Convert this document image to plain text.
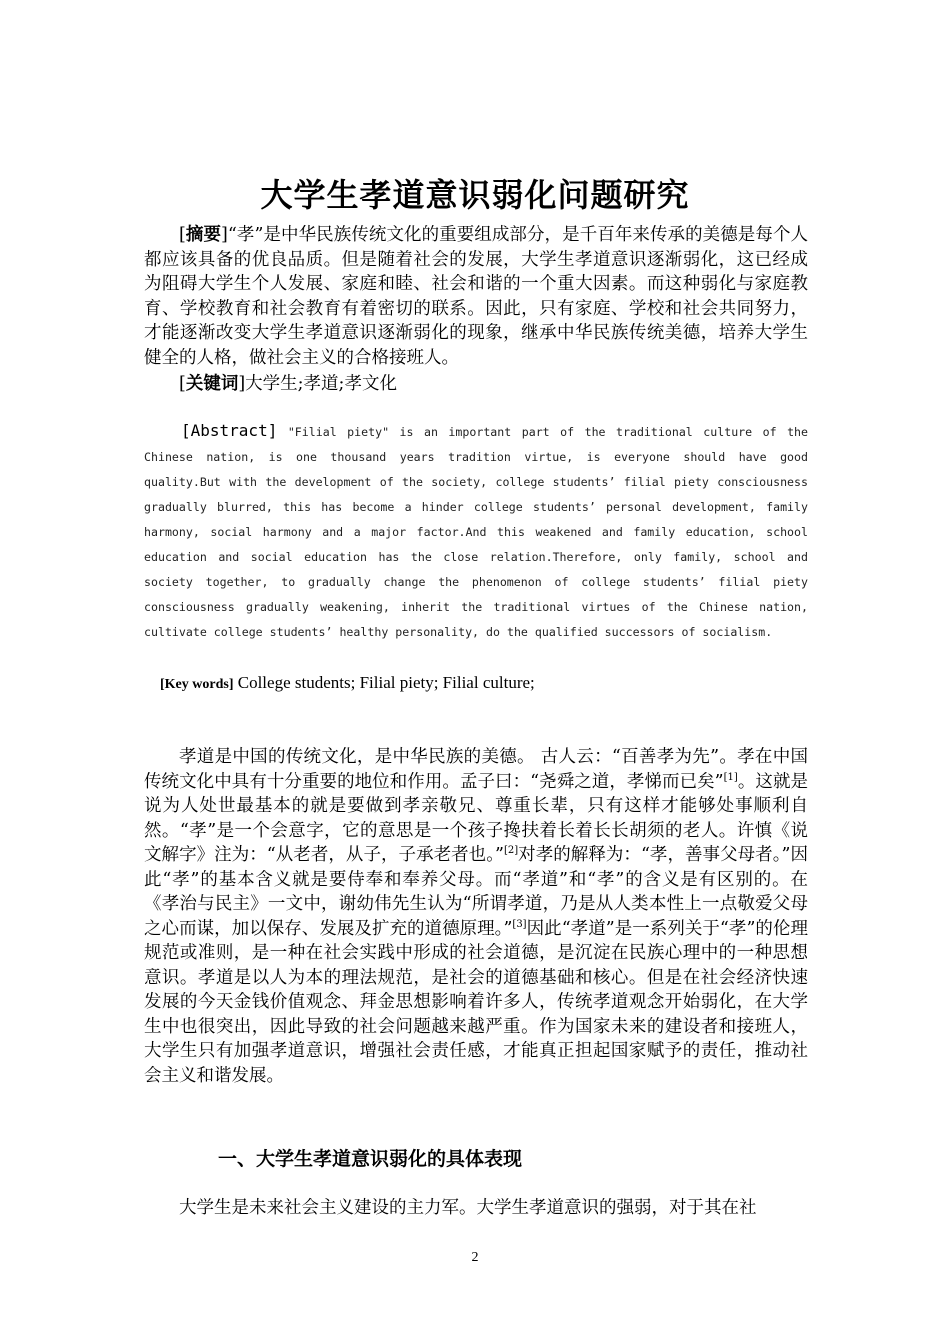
大学生孝道意识弱化问题研究
[摘要]“孝”是中华民族传统文化的重要组成部分，是千百年来传承的美德是每个人都应该具备的优良品质。但是随着社会的发展，大学生孝道意识逐渐弱化，这已经成为阻碍大学生个人发展、家庭和睦、社会和谐的一个重大因素。而这种弱化与家庭教育、学校教育和社会教育有着密切的联系。因此，只有家庭、学校和社会共同努力，才能逐渐改变大学生孝道意识逐渐弱化的现象，继承中华民族传统美德，培养大学生健全的人格，做社会主义的合格接班人。
[关键词]大学生;孝道;孝文化
[Abstract] "Filial piety" is an important part of the traditional culture of the Chinese nation, is one thousand years tradition virtue, is everyone should have good quality.But with the development of the society, college students’ filial piety consciousness gradually blurred, this has become a hinder college students’ personal development, family harmony, social harmony and a major factor.And this weakened and family education, school education and social education has the close relation.Therefore, only family, school and society together, to gradually change the phenomenon of college students’ filial piety consciousness gradually weakening, inherit the traditional virtues of the Chinese nation, cultivate college students’ healthy personality, do the qualified successors of socialism.
[Key words] College students; Filial piety; Filial culture;
孝道是中国的传统文化，是中华民族的美德。 古人云：“百善孝为先”。孝在中国传统文化中具有十分重要的地位和作用。孟子曰：“尧舜之道，孝悌而已矣”[1]。这就是说为人处世最基本的就是要做到孝亲敬兄、尊重长辈，只有这样才能够处事顺利自然。“孝”是一个会意字，它的意思是一个孩子搀扶着长着长长胡须的老人。许慎《说文解字》注为：“从老者，从子，子承老者也。”[2]对孝的解释为：“孝，善事父母者。”因此“孝”的基本含义就是要侍奉和奉养父母。而“孝道”和“孝”的含义是有区别的。在《孝治与民主》一文中，谢幼伟先生认为“所谓孝道，乃是从人类本性上一点敬爱父母之心而谋，加以保存、发展及扩充的道德原理。”[3]因此“孝道”是一系列关于“孝”的伦理规范或准则，是一种在社会实践中形成的社会道德，是沉淀在民族心理中的一种思想意识。孝道是以人为本的理法规范，是社会的道德基础和核心。但是在社会经济快速发展的今天金钱价值观念、拜金思想影响着许多人，传统孝道观念开始弱化，在大学生中也很突出，因此导致的社会问题越来越严重。作为国家未来的建设者和接班人，大学生只有加强孝道意识，增强社会责任感，才能真正担起国家赋予的责任，推动社会主义和谐发展。
一、大学生孝道意识弱化的具体表现
大学生是未来社会主义建设的主力军。大学生孝道意识的强弱，对于其在社
2
